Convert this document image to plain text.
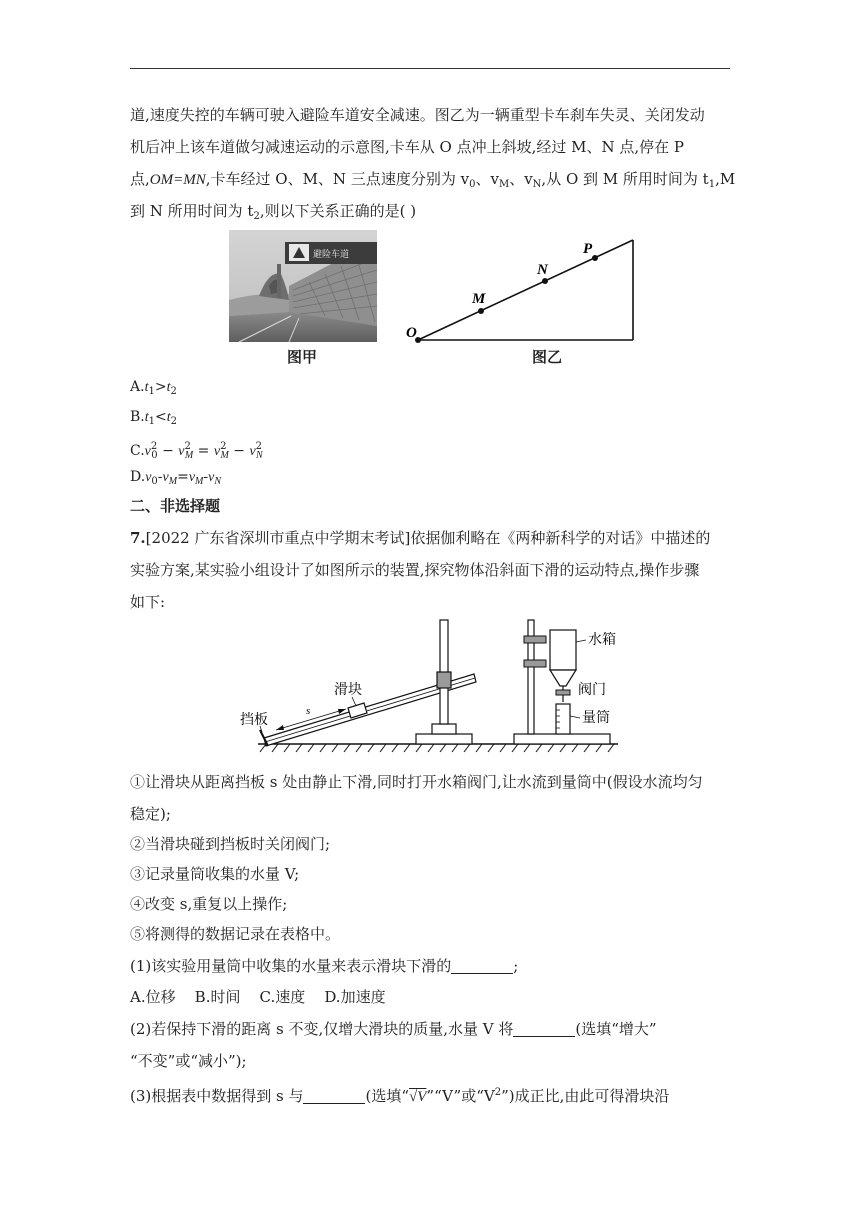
道,速度失控的车辆可驶入避险车道安全减速。图乙为一辆重型卡车刹车失灵、关闭发动
机后冲上该车道做匀减速运动的示意图,卡车从 O 点冲上斜坡,经过 M、N 点,停在 P
点,OM=MN,卡车经过 O、M、N 三点速度分别为 $v_0$、$v_M$、$v_N$,从 O 到 M 所用时间为 $t_1,M$
到 N 所用时间为 $t_2$,则以下关系正确的是( )
避险车道
图甲
O
M
N
P
图乙
$A.t_1>t_2$
$B.t_1<t_2$
$C.v^2_0 - v^2_M = v^2_M - v^2_N$
$D.v_0-v_M=v_M-v_N$
二、非选择题
7.[2022 广东省深圳市重点中学期末考试]依据伽利略在《两种新科学的对话》中描述的
实验方案,某实验小组设计了如图所示的装置,探究物体沿斜面下滑的运动特点,操作步骤
如下:
s
滑块
挡板
水箱
阀门
量筒
①让滑块从距离挡板 s 处由静止下滑,同时打开水箱阀门,让水流到量筒中(假设水流均匀
稳定);
②当滑块碰到挡板时关闭阀门;
③记录量筒收集的水量 V;
④改变 s,重复以上操作;
⑤将测得的数据记录在表格中。
(1)该实验用量筒中收集的水量来表示滑块下滑的	;
A.位移    B.时间    C.速度    D.加速度
(2)若保持下滑的距离 s 不变,仅增大滑块的质量,水量 V 将	(选填“增大”
“不变”或“减小”);
(3)根据表中数据得到 s 与	(选填“√V”“V”或“$V^2$”)成正比,由此可得滑块沿
